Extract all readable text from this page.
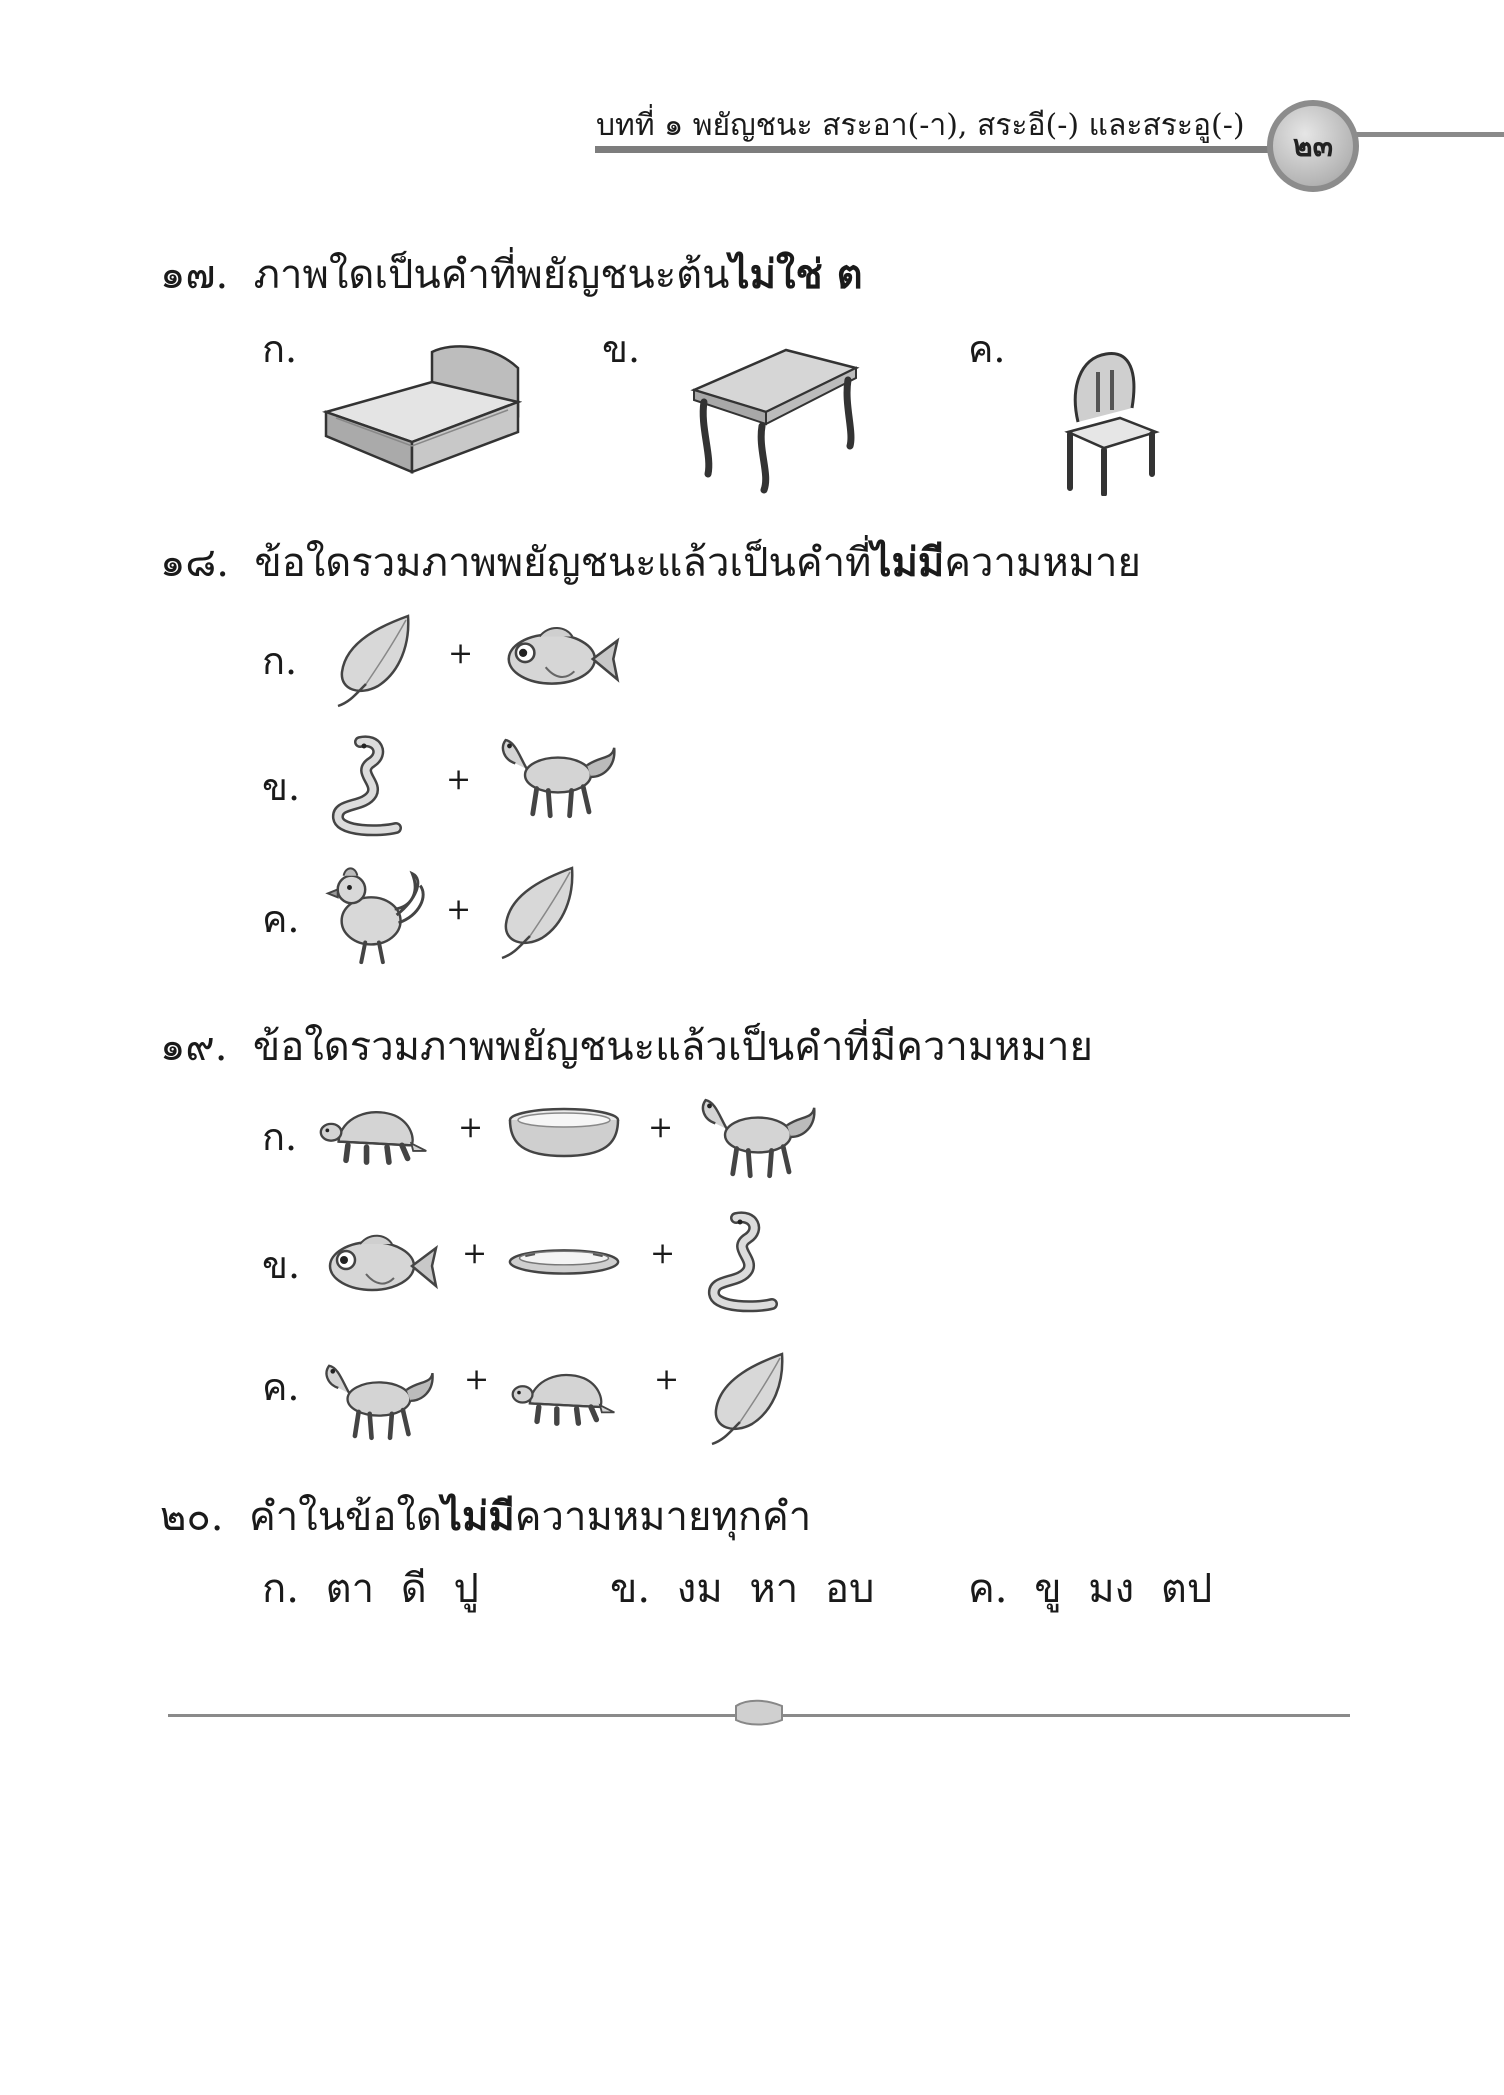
บทที่ ๑ พยัญชนะ สระอา(-า), สระอี(-) และสระอู(-)
๒๓
๑๗. ภาพใดเป็นคำที่พยัญชนะต้นไม่ใช่ ต
ก.	ข.	ค.
๑๘. ข้อใดรวมภาพพยัญชนะแล้วเป็นคำที่ไม่มีความหมาย
ก.	+
ข.	+
ค.	+
๑๙. ข้อใดรวมภาพพยัญชนะแล้วเป็นคำที่มีความหมาย
ก.	+	+
ข.	+	+
ค.	+	+
๒๐. คำในข้อใดไม่มีความหมายทุกคำ
ก. ตา ดี ปู	ข. งม หา อบ ค. ขู มง ตป
